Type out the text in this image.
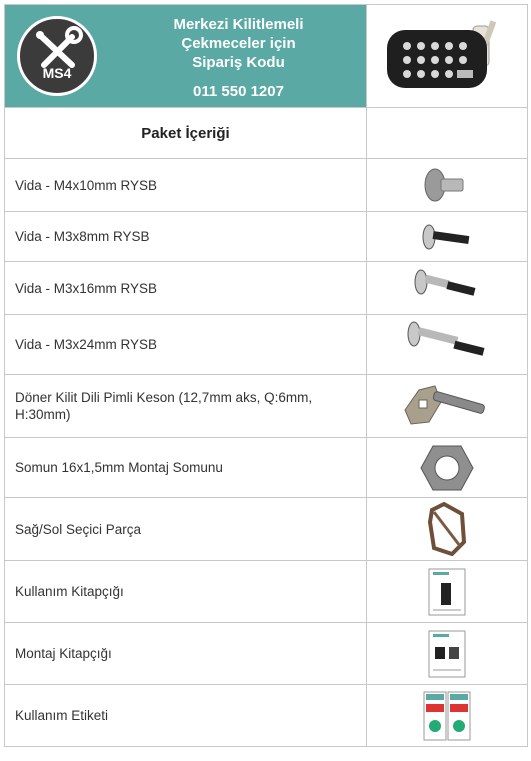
MS4
Merkezi Kilitlemeli
Çekmeceler için
Sipariş Kodu
011 550 1207

Paket İçeriği	
Vida - M4x10mm RYSB	
Vida - M3x8mm RYSB	
Vida - M3x16mm RYSB	
Vida - M3x24mm RYSB	
Döner Kilit Dili Pimli Keson (12,7mm aks, Q:6mm, H:30mm)	
Somun 16x1,5mm Montaj Somunu	
Sağ/Sol Seçici Parça	
Kullanım Kitapçığı	
Montaj Kitapçığı	
Kullanım Etiketi	
